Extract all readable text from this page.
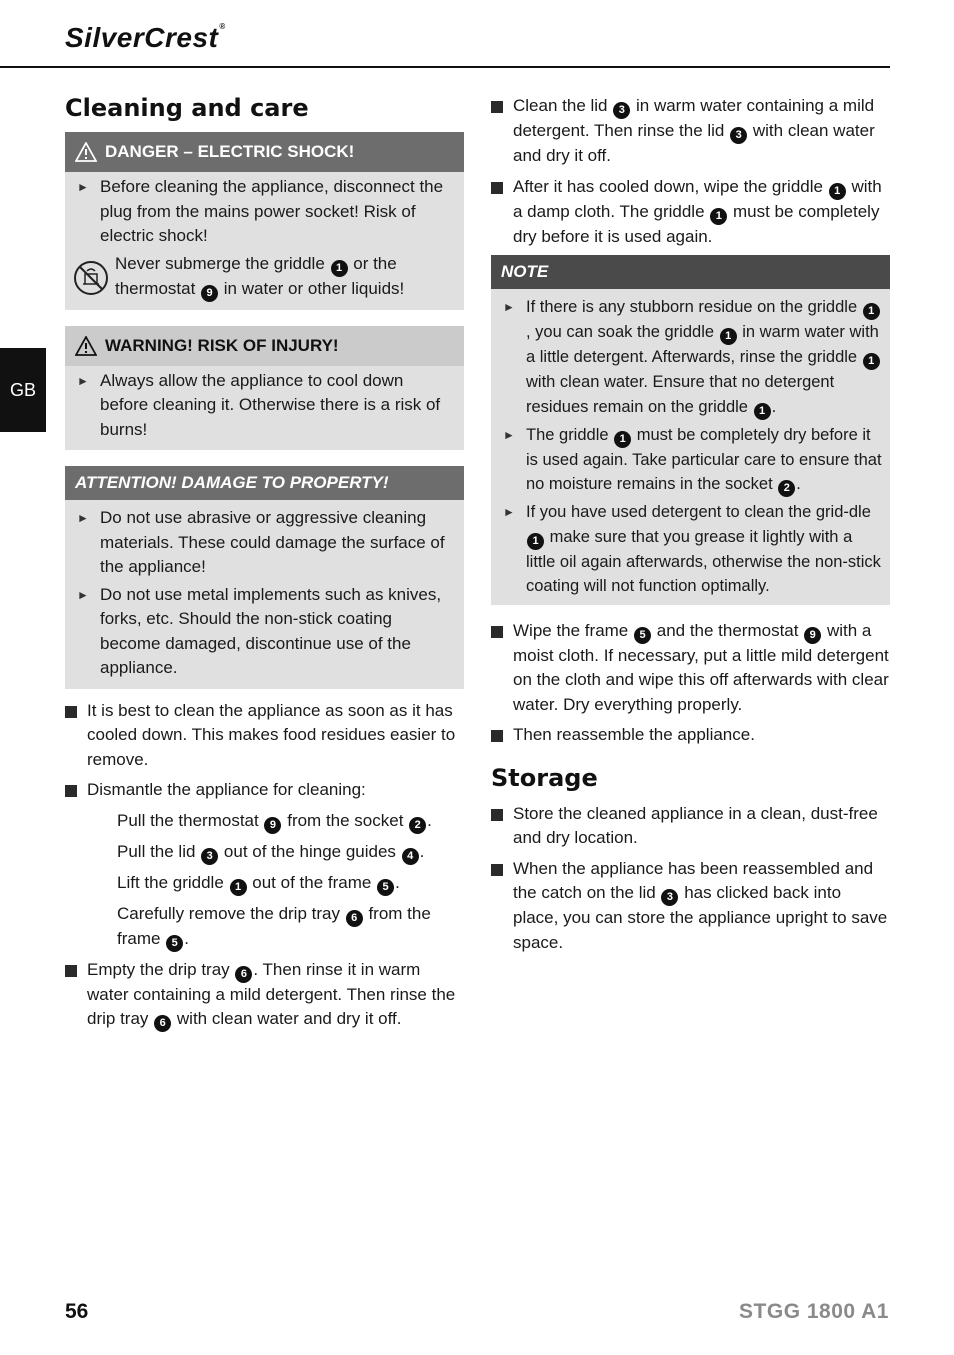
SilverCrest®
GB
Cleaning and care
DANGER – ELECTRIC SHOCK!
► Before cleaning the appliance, disconnect the plug from the mains power socket! Risk of electric shock!
Never submerge the griddle 1 or the thermostat 9 in water or other liquids!
WARNING! RISK OF INJURY!
► Always allow the appliance to cool down before cleaning it. Otherwise there is a risk of burns!
ATTENTION! DAMAGE TO PROPERTY!
► Do not use abrasive or aggressive cleaning materials. These could damage the surface of the appliance!
► Do not use metal implements such as knives, forks, etc. Should the non-stick coating become damaged, discontinue use of the appliance.
It is best to clean the appliance as soon as it has cooled down. This makes food residues easier to remove.
Dismantle the appliance for cleaning:
Pull the thermostat 9 from the socket 2 .
Pull the lid 3 out of the hinge guides 4 .
Lift the griddle 1 out of the frame 5 .
Carefully remove the drip tray 6 from the frame 5 .
Empty the drip tray 6 . Then rinse it in warm water containing a mild detergent. Then rinse the drip tray 6 with clean water and dry it off.
Clean the lid 3 in warm water containing a mild detergent. Then rinse the lid 3 with clean water and dry it off.
After it has cooled down, wipe the griddle 1 with a damp cloth. The griddle 1 must be completely dry before it is used again.
NOTE
► If there is any stubborn residue on the griddle 1, you can soak the griddle 1 in warm water with a little detergent. Afterwards, rinse the griddle 1 with clean water. Ensure that no detergent residues remain on the griddle 1 .
► The griddle 1 must be completely dry before it is used again. Take particular care to ensure that no moisture remains in the socket 2 .
► If you have used detergent to clean the grid-dle 1 make sure that you grease it lightly with a little oil again afterwards, otherwise the non-stick coating will not function optimally.
Wipe the frame 5 and the thermostat 9 with a moist cloth. If necessary, put a little mild detergent on the cloth and wipe this off afterwards with clear water. Dry everything properly.
Then reassemble the appliance.
Storage
Store the cleaned appliance in a clean, dust-free and dry location.
When the appliance has been reassembled and the catch on the lid 3 has clicked back into place, you can store the appliance upright to save space.
56	STGG 1800 A1
